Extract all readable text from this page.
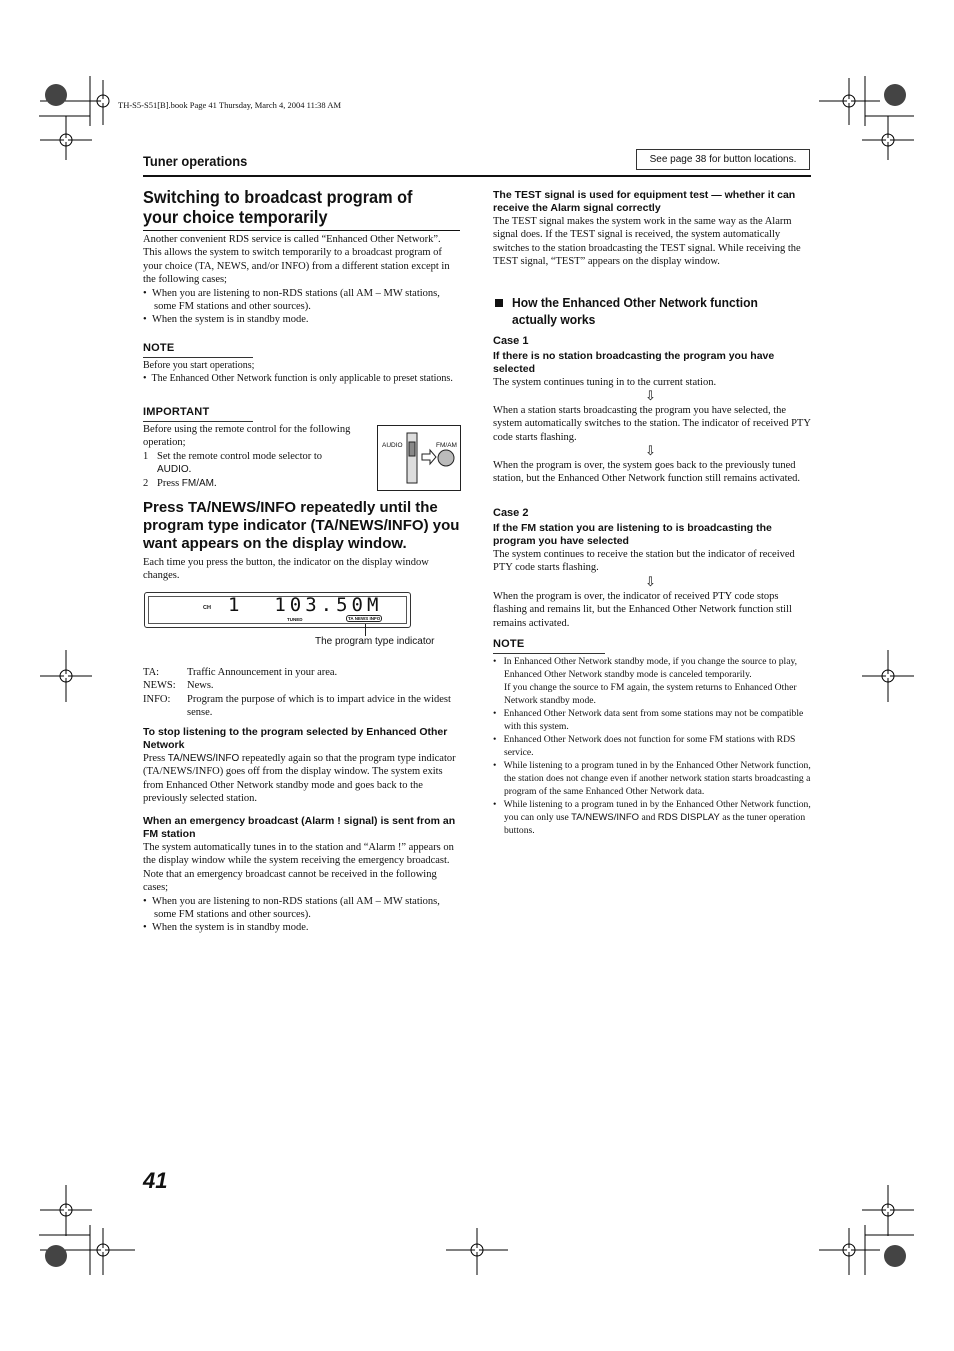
TH-S5-S51[B].book Page 41 Thursday, March 4, 2004 11:38 AM
Tuner operations	See page 38 for button locations.
Switching to broadcast program of your choice temporarily
Another convenient RDS service is called “Enhanced Other Network”.
This allows the system to switch temporarily to a broadcast program of your choice (TA, NEWS, and/or INFO) from a different station except in the following cases;
•  When you are listening to non-RDS stations (all AM – MW stations, some FM stations and other sources).
•  When the system is in standby mode.
NOTE
Before you start operations;
•  The Enhanced Other Network function is only applicable to preset stations.
IMPORTANT
Before using the remote control for the following operation;
1 Set the remote control mode selector to
AUDIO.
2 Press FM/AM.
AUDIO	FM/AM
Press TA/NEWS/INFO repeatedly until the program type indicator (TA/NEWS/INFO) you want appears on the display window.
Each time you press the button, the indicator on the display window changes.
CH 1  103.50M
TUNED	TA NEWS INFO
The program type indicator
TA:	Traffic Announcement in your area.
NEWS:	News.
INFO:	Program the purpose of which is to impart advice in the widest sense.
To stop listening to the program selected by Enhanced Other Network
Press TA/NEWS/INFO repeatedly again so that the program type indicator (TA/NEWS/INFO) goes off from the display window. The system exits from Enhanced Other Network standby mode and goes back to the previously selected station.
When an emergency broadcast (Alarm ! signal) is sent from an FM station
The system automatically tunes in to the station and “Alarm !” appears on the display window while the system receiving the emergency broadcast.
Note that an emergency broadcast cannot be received in the following cases;
•  When you are listening to non-RDS stations (all AM – MW stations, some FM stations and other sources).
•  When the system is in standby mode.
The TEST signal is used for equipment test — whether it can receive the Alarm signal correctly
The TEST signal makes the system work in the same way as the Alarm signal does. If the TEST signal is received, the system automatically switches to the station broadcasting the TEST signal. While receiving the TEST signal, “TEST” appears on the display window.
How the Enhanced Other Network function actually works
Case 1
If there is no station broadcasting the program you have selected
The system continues tuning in to the current station.
⇩
When a station starts broadcasting the program you have selected, the system automatically switches to the station. The indicator of received PTY code starts flashing.
⇩
When the program is over, the system goes back to the previously tuned station, but the Enhanced Other Network function still remains activated.
Case 2
If the FM station you are listening to is broadcasting the program you have selected
The system continues to receive the station but the indicator of received PTY code starts flashing.
⇩
When the program is over, the indicator of received PTY code stops flashing and remains lit, but the Enhanced Other Network function still remains activated.
NOTE
•   In Enhanced Other Network standby mode, if you change the source to play, Enhanced Other Network standby mode is canceled temporarily.
If you change the source to FM again, the system returns to Enhanced Other Network standby mode.
•   Enhanced Other Network data sent from some stations may not be compatible with this system.
•   Enhanced Other Network does not function for some FM stations with RDS service.
•   While listening to a program tuned in by the Enhanced Other Network function, the station does not change even if another network station starts broadcasting a program of the same Enhanced Other Network data.
•   While listening to a program tuned in by the Enhanced Other Network function, you can only use TA/NEWS/INFO and RDS DISPLAY as the tuner operation buttons.
41
